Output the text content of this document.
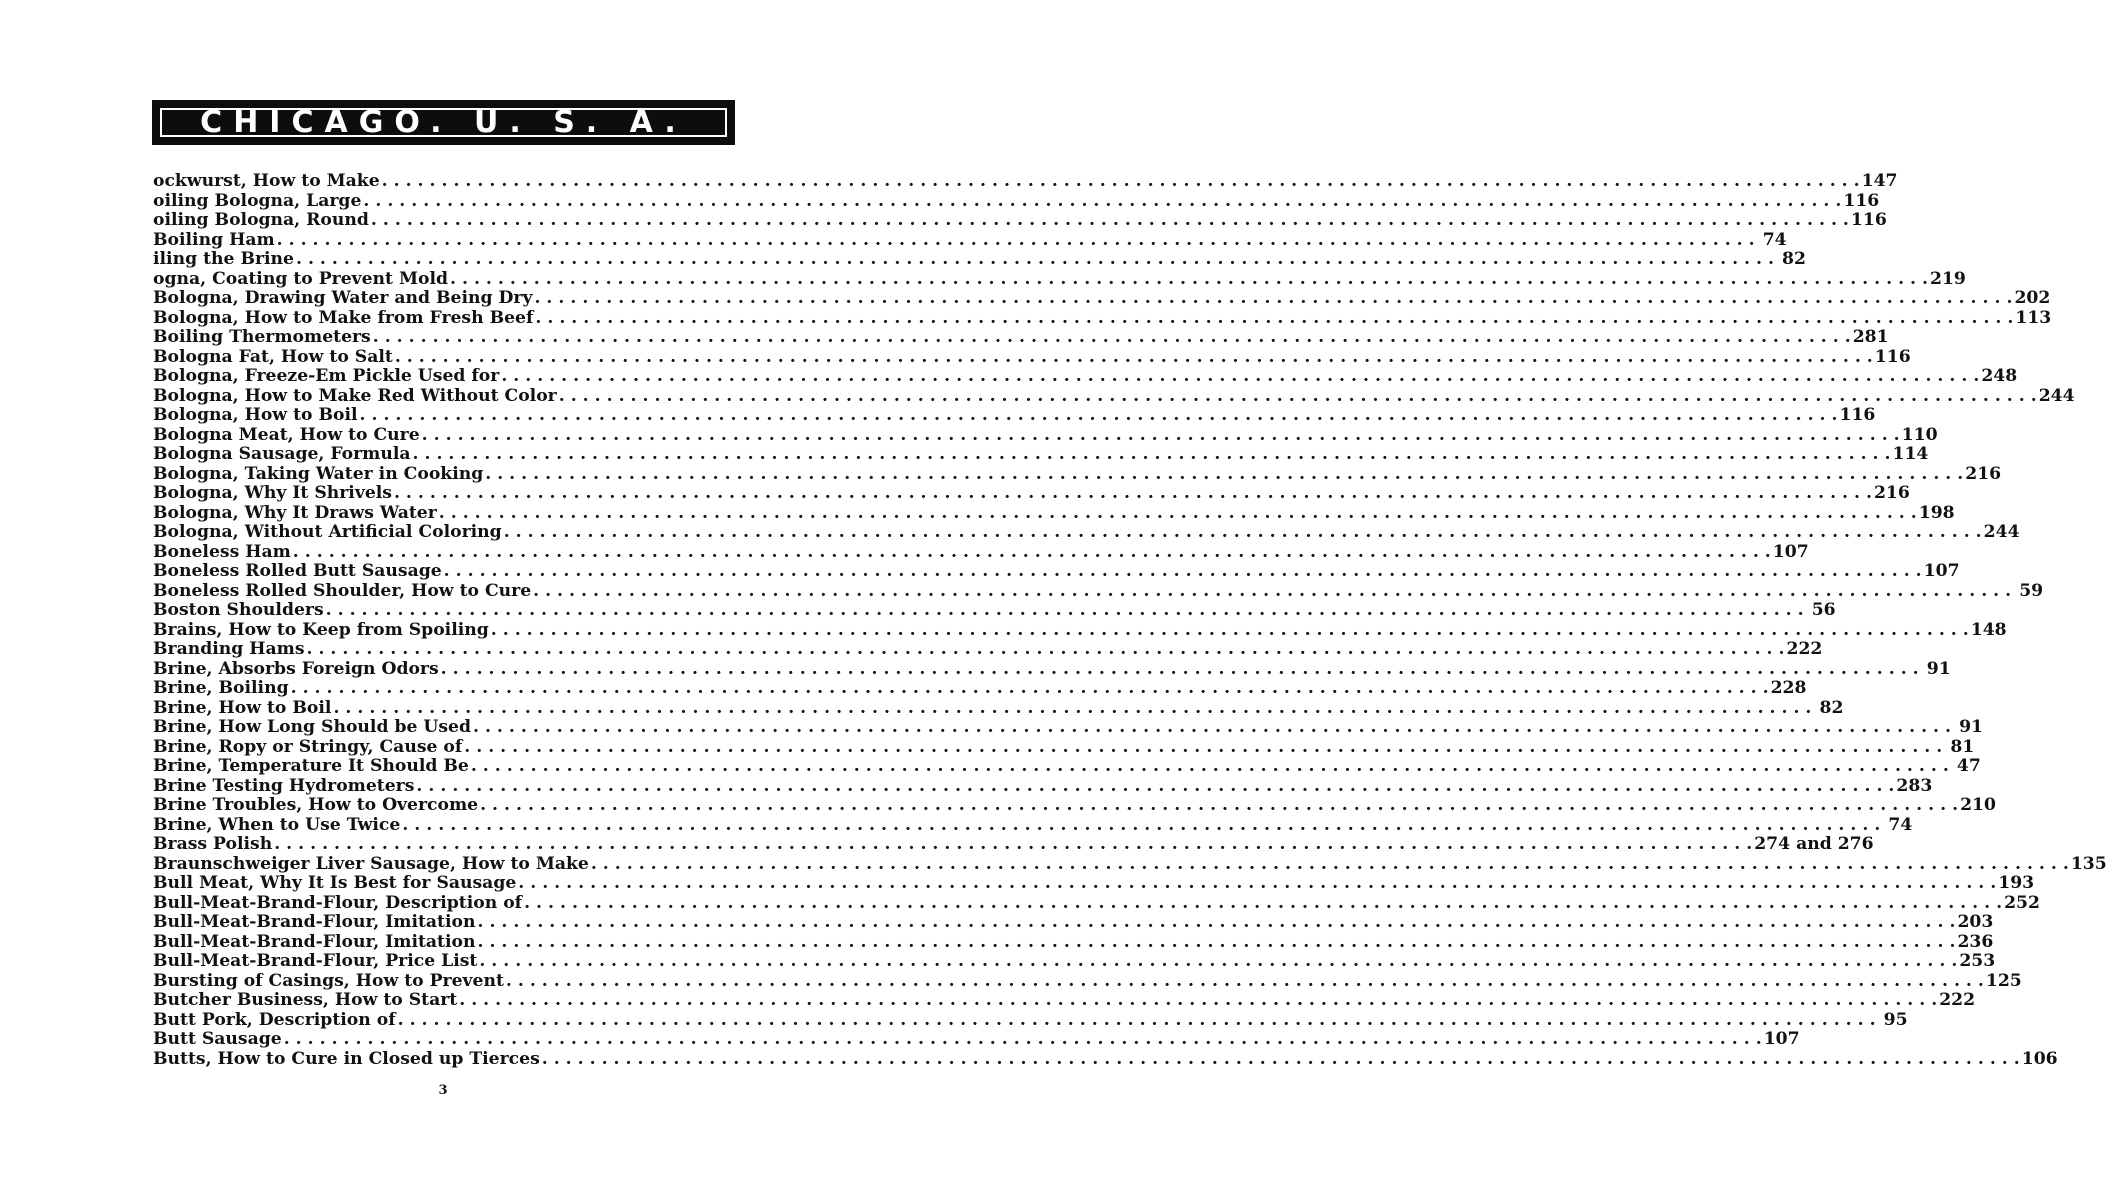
CHICAGO. U. S. A.
ockwurst, How to Make . . .	147
oiling Bologna, Large . . .	116
oiling Bologna, Round . . .	116
Boiling Ham . . .	74
iling the Brine . . .	82
ogna, Coating to Prevent Mold . . .	219
Bologna, Drawing Water and Being Dry . . .	202
Bologna, How to Make from Fresh Beef . . .	113
Boiling Thermometers . . .	281
Bologna Fat, How to Salt . . .	116
Bologna, Freeze-Em Pickle Used for . . .	248
Bologna, How to Make Red Without Color . . .	244
Bologna, How to Boil . . .	116
Bologna Meat, How to Cure . . .	110
Bologna Sausage, Formula . . .	114
Bologna, Taking Water in Cooking . . .	216
Bologna, Why It Shrivels . . .	216
Bologna, Why It Draws Water . . .	198
Bologna, Without Artificial Coloring . . .	244
Boneless Ham . . .	107
Boneless Rolled Butt Sausage . . .	107
Boneless Rolled Shoulder, How to Cure . . .	59
Boston Shoulders . . .	56
Brains, How to Keep from Spoiling . . .	148
Branding Hams . . .	222
Brine, Absorbs Foreign Odors . . .	91
Brine, Boiling . . .	228
Brine, How to Boil . . .	82
Brine, How Long Should be Used . . .	91
Brine, Ropy or Stringy, Cause of . . .	81
Brine, Temperature It Should Be . . .	47
Brine Testing Hydrometers . . .	283
Brine Troubles, How to Overcome . . .	210
Brine, When to Use Twice . . .	74
Brass Polish . . .	274 and 276
Braunschweiger Liver Sausage, How to Make . . .	135
Bull Meat, Why It Is Best for Sausage . . .	193
Bull-Meat-Brand-Flour, Description of . . .	252
Bull-Meat-Brand-Flour, Imitation . . .	203
Bull-Meat-Brand-Flour, Imitation . . .	236
Bull-Meat-Brand-Flour, Price List . . .	253
Bursting of Casings, How to Prevent . . .	125
Butcher Business, How to Start . . .	222
Butt Pork, Description of . . .	95
Butt Sausage . . .	107
Butts, How to Cure in Closed up Tierces . . .	106
3
